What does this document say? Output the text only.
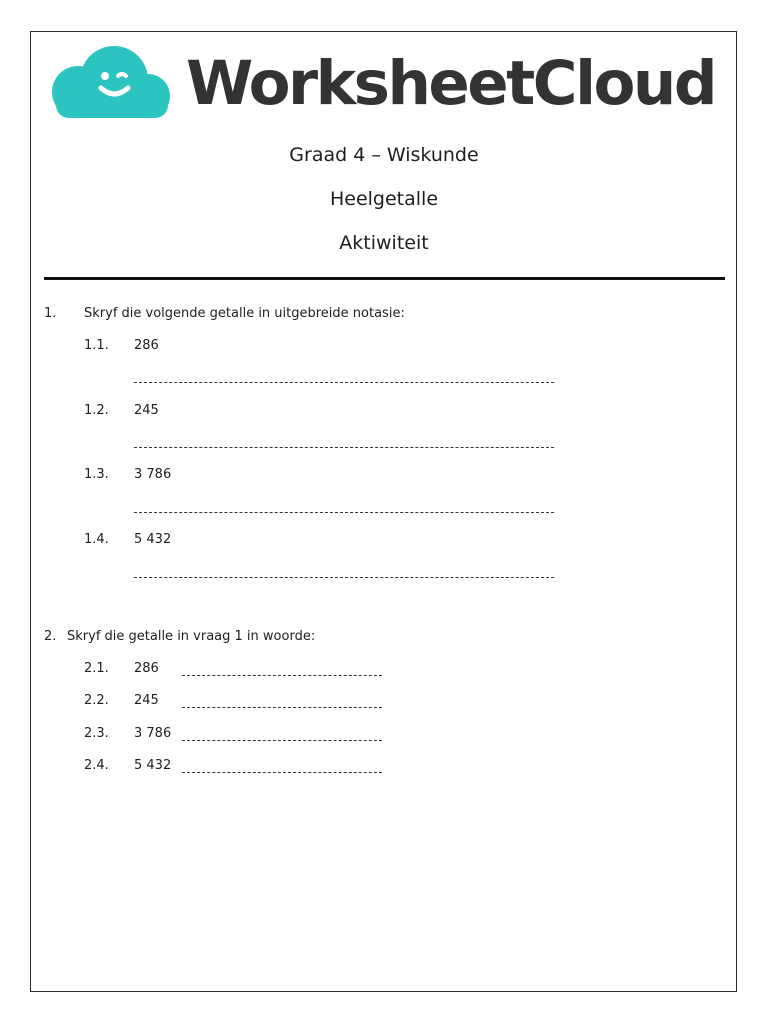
WorksheetCloud
Graad 4 – Wiskunde
Heelgetalle
Aktiwiteit
1. Skryf die volgende getalle in uitgebreide notasie:
1.1. 286
1.2. 245
1.3. 3 786
1.4. 5 432
2. Skryf die getalle in vraag 1 in woorde:
2.1. 286
2.2. 245
2.3. 3 786
2.4. 5 432
